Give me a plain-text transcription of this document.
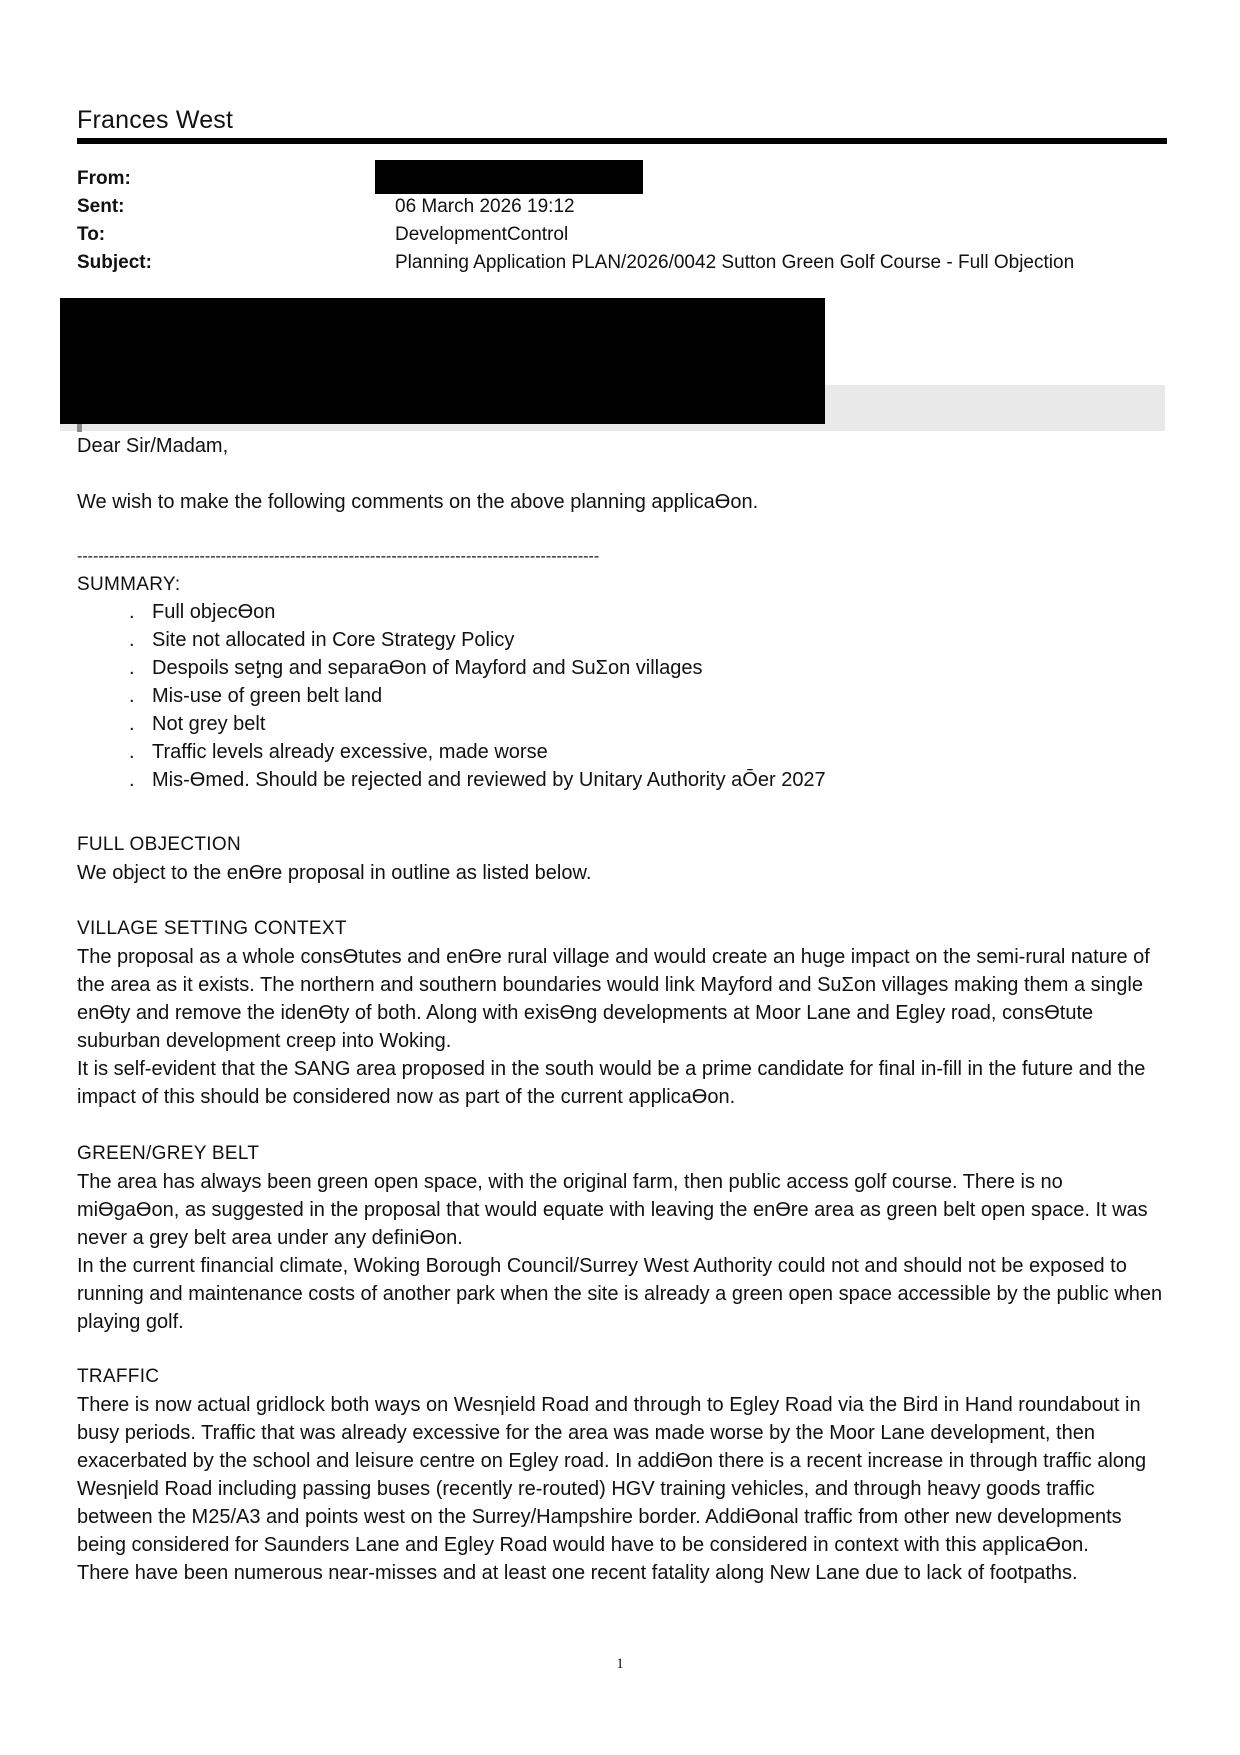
Frances West
From:
Sent:	06 March 2026 19:12
To:	DevelopmentControl
Subject:	Planning Application PLAN/2026/0042 Sutton Green Golf Course - Full Objection
Dear Sir/Madam,
We wish to make the following comments on the above planning applicaƟon.
--------------------------------------------------------------------------------------------------
SUMMARY:
. Full objecƟon
. Site not allocated in Core Strategy Policy
. Despoils seƫng and separaƟon of Mayford and SuƩon villages
. Mis-use of green belt land
. Not grey belt
. Traffic levels already excessive, made worse
. Mis-Ɵmed. Should be rejected and reviewed by Unitary Authority aŌer 2027
FULL OBJECTION
We object to the enƟre proposal in outline as listed below.
VILLAGE SETTING CONTEXT

The proposal as a whole consƟtutes and enƟre rural village and would create an huge impact on the semi-rural nature of the area as it exists. The northern and southern boundaries would link Mayford and SuƩon villages making them a single enƟty and remove the idenƟty of both. Along with exisƟng developments at Moor Lane and Egley road, consƟtute suburban development creep into Woking.

It is self-evident that the SANG area proposed in the south would be a prime candidate for final in-fill in the future and the impact of this should be considered now as part of the current applicaƟon.

GREEN/GREY BELT

The area has always been green open space, with the original farm, then public access golf course. There is no miƟgaƟon, as suggested in the proposal that would equate with leaving the enƟre area as green belt open space. It was never a grey belt area under any definiƟon.

In the current financial climate, Woking Borough Council/Surrey West Authority could not and should not be exposed to running and maintenance costs of another park when the site is already a green open space accessible by the public when playing golf.

TRAFFIC

There is now actual gridlock both ways on Wesƞield Road and through to Egley Road via the Bird in Hand roundabout in busy periods. Traffic that was already excessive for the area was made worse by the Moor Lane development, then exacerbated by the school and leisure centre on Egley road. In addiƟon there is a recent increase in through traffic along Wesƞield Road including passing buses (recently re-routed) HGV training vehicles, and through heavy goods traffic between the M25/A3 and points west on the Surrey/Hampshire border. AddiƟonal traffic from other new developments being considered for Saunders Lane and Egley Road would have to be considered in context with this applicaƟon.

There have been numerous near-misses and at least one recent fatality along New Lane due to lack of footpaths.

1
